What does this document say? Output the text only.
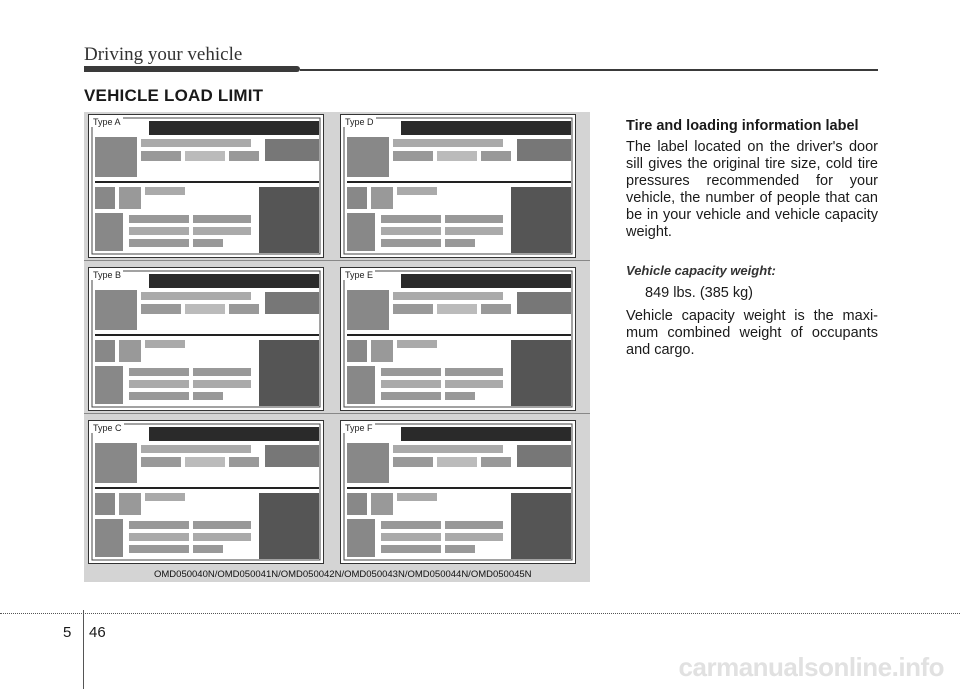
Driving your vehicle
VEHICLE LOAD LIMIT
Type A	Type D
Type B	Type E
Type C	Type F
OMD050040N/OMD050041N/OMD050042N/OMD050043N/OMD050044N/OMD050045N
Tire and loading information label

The label located on the driver's door sill gives the original tire size, cold tire pressures recommended for your vehicle, the number of people that can be in your vehicle and vehicle capacity weight.

Vehicle capacity weight:
849 lbs. (385 kg)

Vehicle capacity weight is the maxi-mum combined weight of occupants and cargo.

5 46
carmanualsonline.info
